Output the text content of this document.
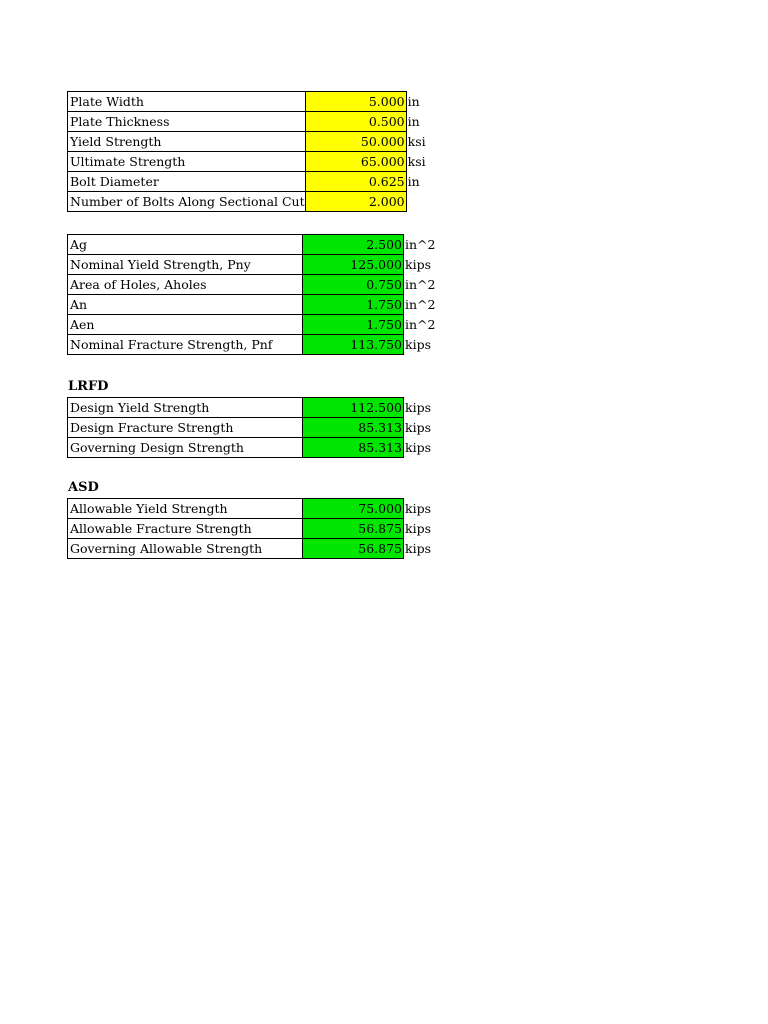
Plate Width	5.000	in
Plate Thickness	0.500	in
Yield Strength	50.000	ksi
Ultimate Strength	65.000	ksi
Bolt Diameter	0.625	in
Number of Bolts Along Sectional Cut	2.000	
Ag	2.500	in^2
Nominal Yield Strength, Pny	125.000	kips
Area of Holes, Aholes	0.750	in^2
An	1.750	in^2
Aen	1.750	in^2
Nominal Fracture Strength, Pnf	113.750	kips
LRFD
Design Yield Strength	112.500	kips
Design Fracture Strength	85.313	kips
Governing Design Strength	85.313	kips
ASD
Allowable Yield Strength	75.000	kips
Allowable Fracture Strength	56.875	kips
Governing Allowable Strength	56.875	kips
